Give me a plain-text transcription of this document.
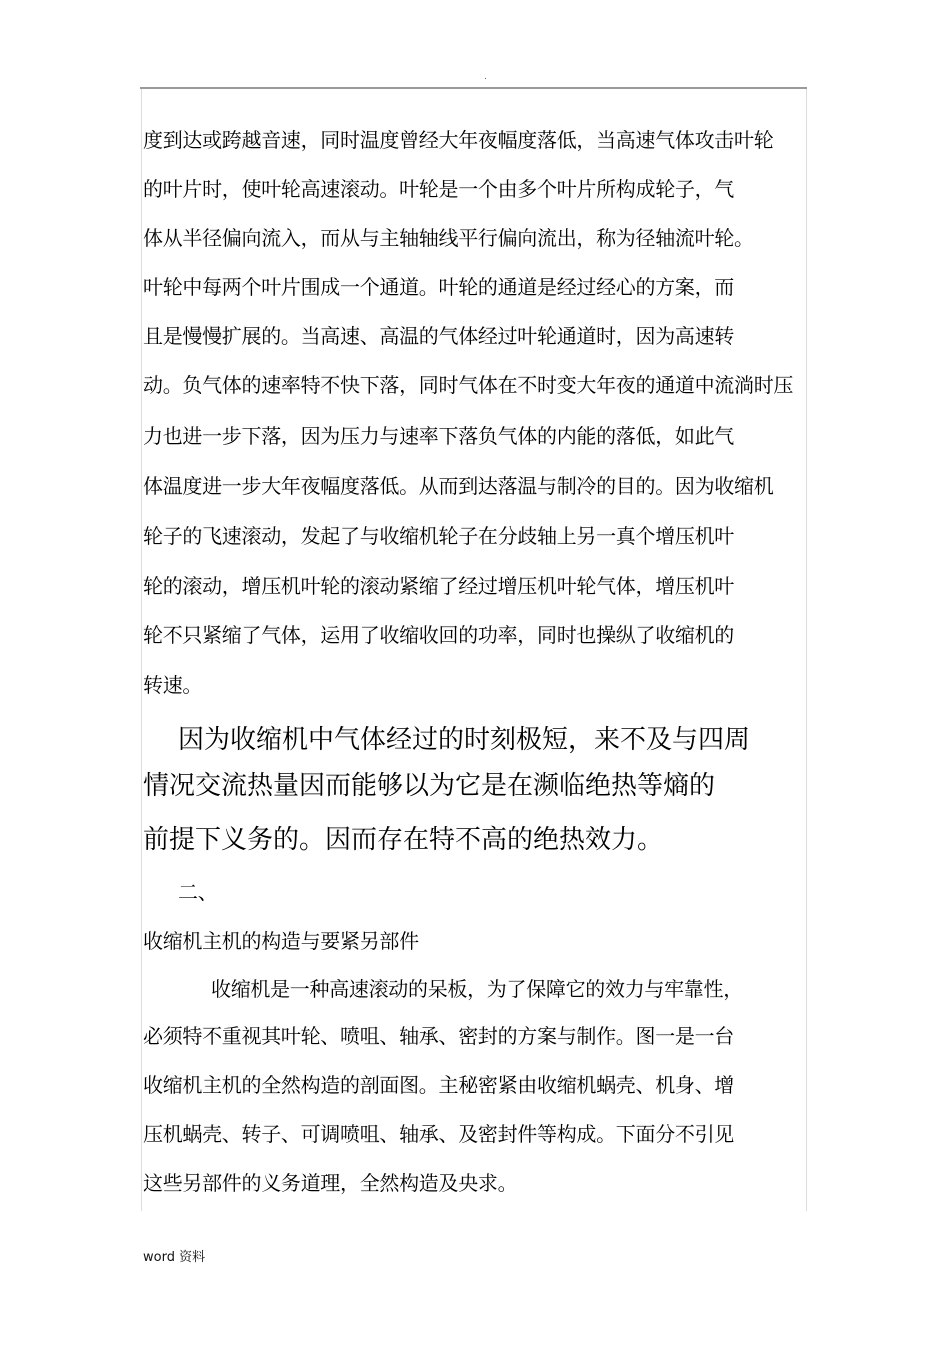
.
度到达或跨越音速，同时温度曾经大年夜幅度落低，当高速气体攻击叶轮
的叶片时，使叶轮高速滚动。叶轮是一个由多个叶片所构成轮子，气
体从半径偏向流入，而从与主轴轴线平行偏向流出，称为径轴流叶轮。
叶轮中每两个叶片围成一个通道。叶轮的通道是经过经心的方案，而
且是慢慢扩展的。当高速、高温的气体经过叶轮通道时，因为高速转
动。负气体的速率特不快下落，同时气体在不时变大年夜的通道中流淌时压
力也进一步下落，因为压力与速率下落负气体的内能的落低，如此气
体温度进一步大年夜幅度落低。从而到达落温与制冷的目的。因为收缩机
轮子的飞速滚动，发起了与收缩机轮子在分歧轴上另一真个增压机叶
轮的滚动，增压机叶轮的滚动紧缩了经过增压机叶轮气体，增压机叶
轮不只紧缩了气体，运用了收缩收回的功率，同时也操纵了收缩机的
转速。
因为收缩机中气体经过的时刻极短，来不及与四周
情况交流热量因而能够以为它是在濒临绝热等熵的
前提下义务的。因而存在特不高的绝热效力。
二、
收缩机主机的构造与要紧另部件
收缩机是一种高速滚动的呆板，为了保障它的效力与牢靠性，
必须特不重视其叶轮、喷咀、轴承、密封的方案与制作。图一是一台
收缩机主机的全然构造的剖面图。主秘密紧由收缩机蜗壳、机身、增
压机蜗壳、转子、可调喷咀、轴承、及密封件等构成。下面分不引见
这些另部件的义务道理，全然构造及央求。
word 资料
